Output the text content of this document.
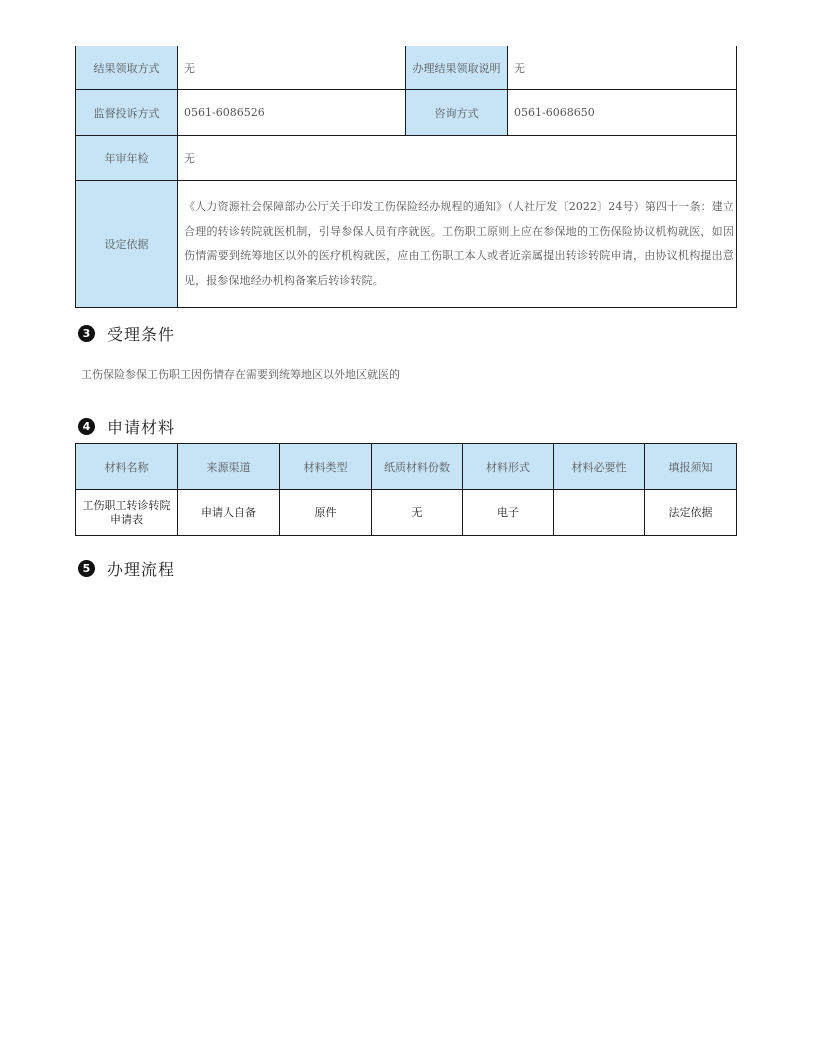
结果领取方式	无	办理结果领取说明	无
监督投诉方式	0561-6086526	咨询方式	0561-6068650
年审年检	无		
设定依据	《人力资源社会保障部办公厅关于印发工伤保险经办规程的通知》（人社厅发〔2022〕24号）第四十一条：建立合理的转诊转院就医机制，引导参保人员有序就医。工伤职工原则上应在参保地的工伤保险协议机构就医，如因伤情需要到统筹地区以外的医疗机构就医，应由工伤职工本人或者近亲属提出转诊转院申请，由协议机构提出意见，报参保地经办机构备案后转诊转院。		
3 受理条件
工伤保险参保工伤职工因伤情存在需要到统筹地区以外地区就医的
4 申请材料
材料名称	来源渠道	材料类型	纸质材料份数	材料形式	材料必要性	填报须知
工伤职工转诊转院申请表	申请人自备	原件	无	电子		法定依据
5 办理流程
